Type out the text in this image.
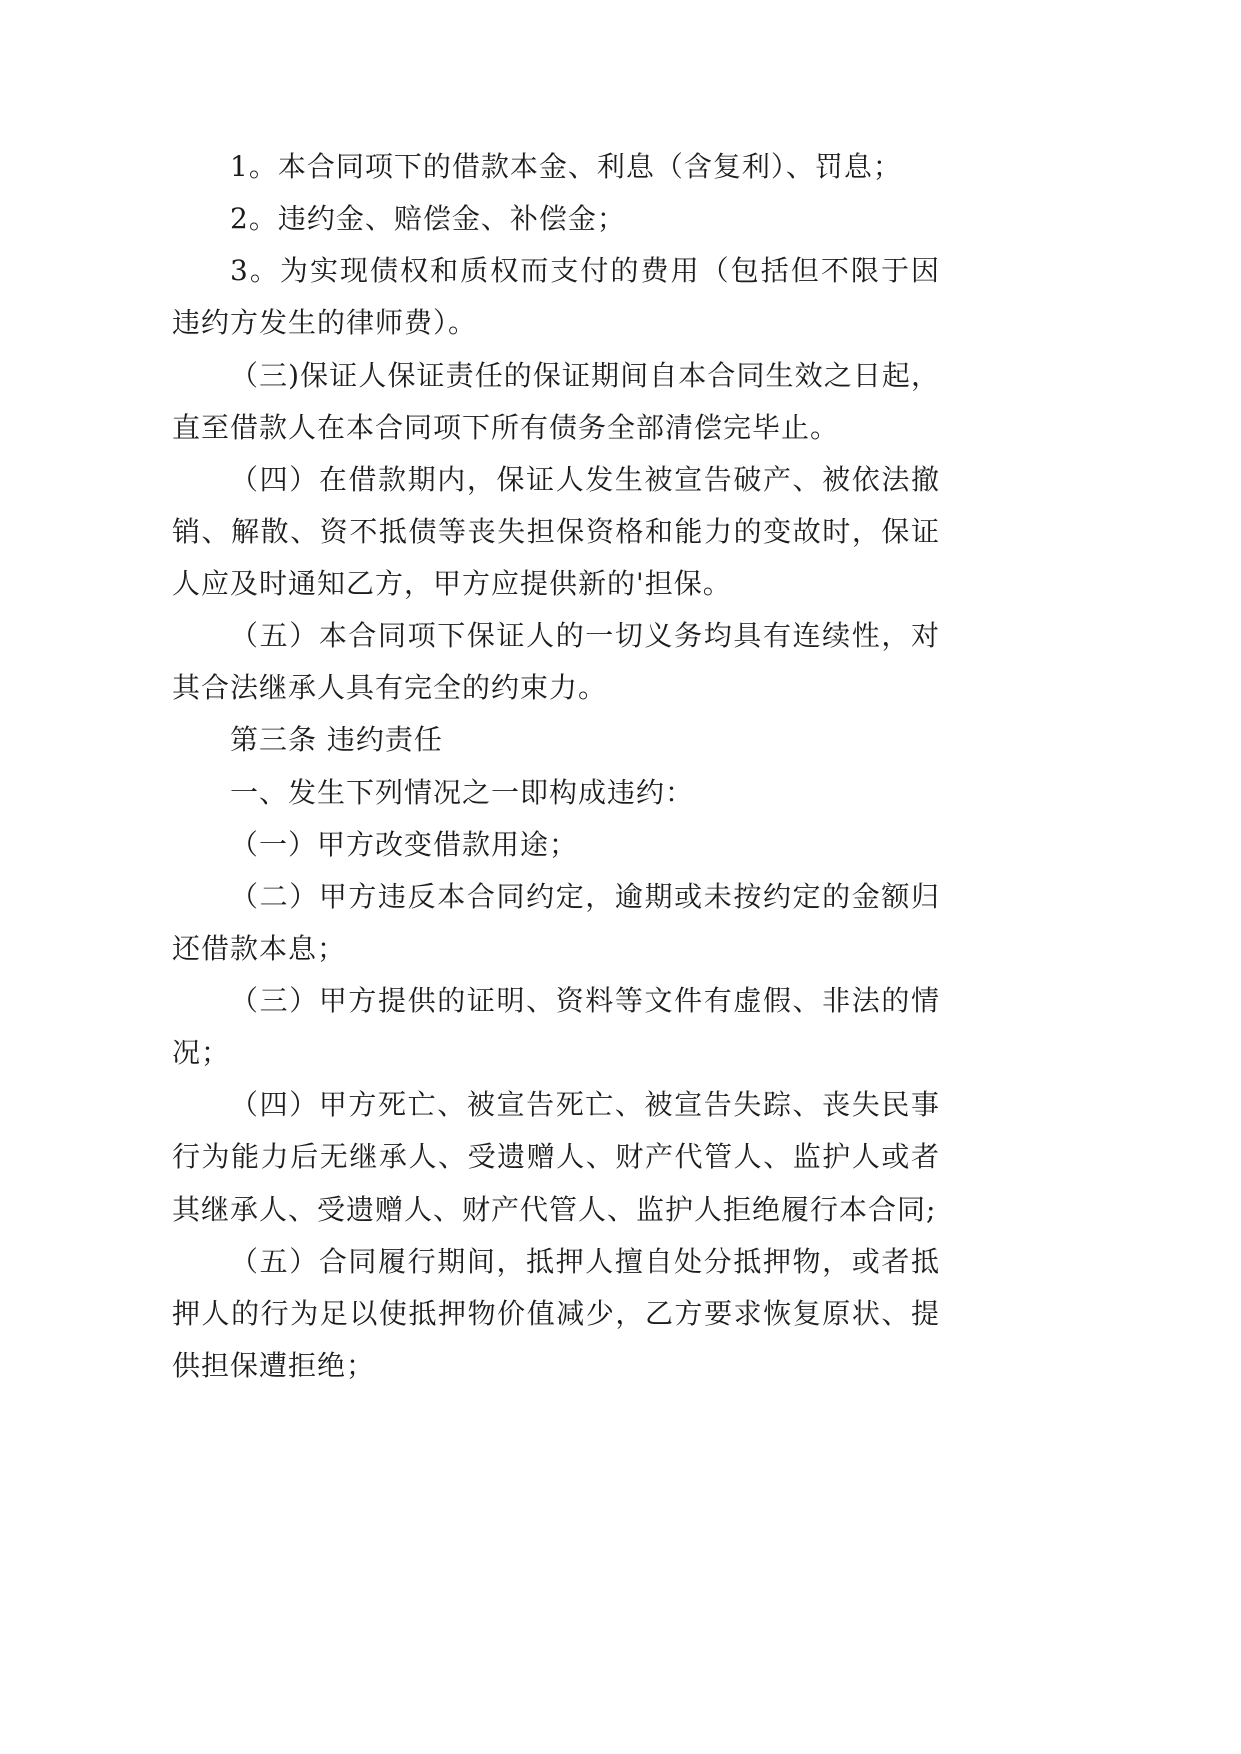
1。本合同项下的借款本金、利息（含复利）、罚息；

2。违约金、赔偿金、补偿金；

3。为实现债权和质权而支付的费用（包括但不限于因
违约方发生的律师费）。

（三)保证人保证责任的保证期间自本合同生效之日起，
直至借款人在本合同项下所有债务全部清偿完毕止。

（四）在借款期内，保证人发生被宣告破产、被依法撤
销、解散、资不抵债等丧失担保资格和能力的变故时，保证
人应及时通知乙方，甲方应提供新的'担保。

（五）本合同项下保证人的一切义务均具有连续性，对
其合法继承人具有完全的约束力。

第三条 违约责任

一、发生下列情况之一即构成违约：

（一）甲方改变借款用途；

（二）甲方违反本合同约定，逾期或未按约定的金额归
还借款本息；

（三）甲方提供的证明、资料等文件有虚假、非法的情
况；

（四）甲方死亡、被宣告死亡、被宣告失踪、丧失民事
行为能力后无继承人、受遗赠人、财产代管人、监护人或者
其继承人、受遗赠人、财产代管人、监护人拒绝履行本合同;

（五）合同履行期间，抵押人擅自处分抵押物，或者抵
押人的行为足以使抵押物价值减少，乙方要求恢复原状、提
供担保遭拒绝；
